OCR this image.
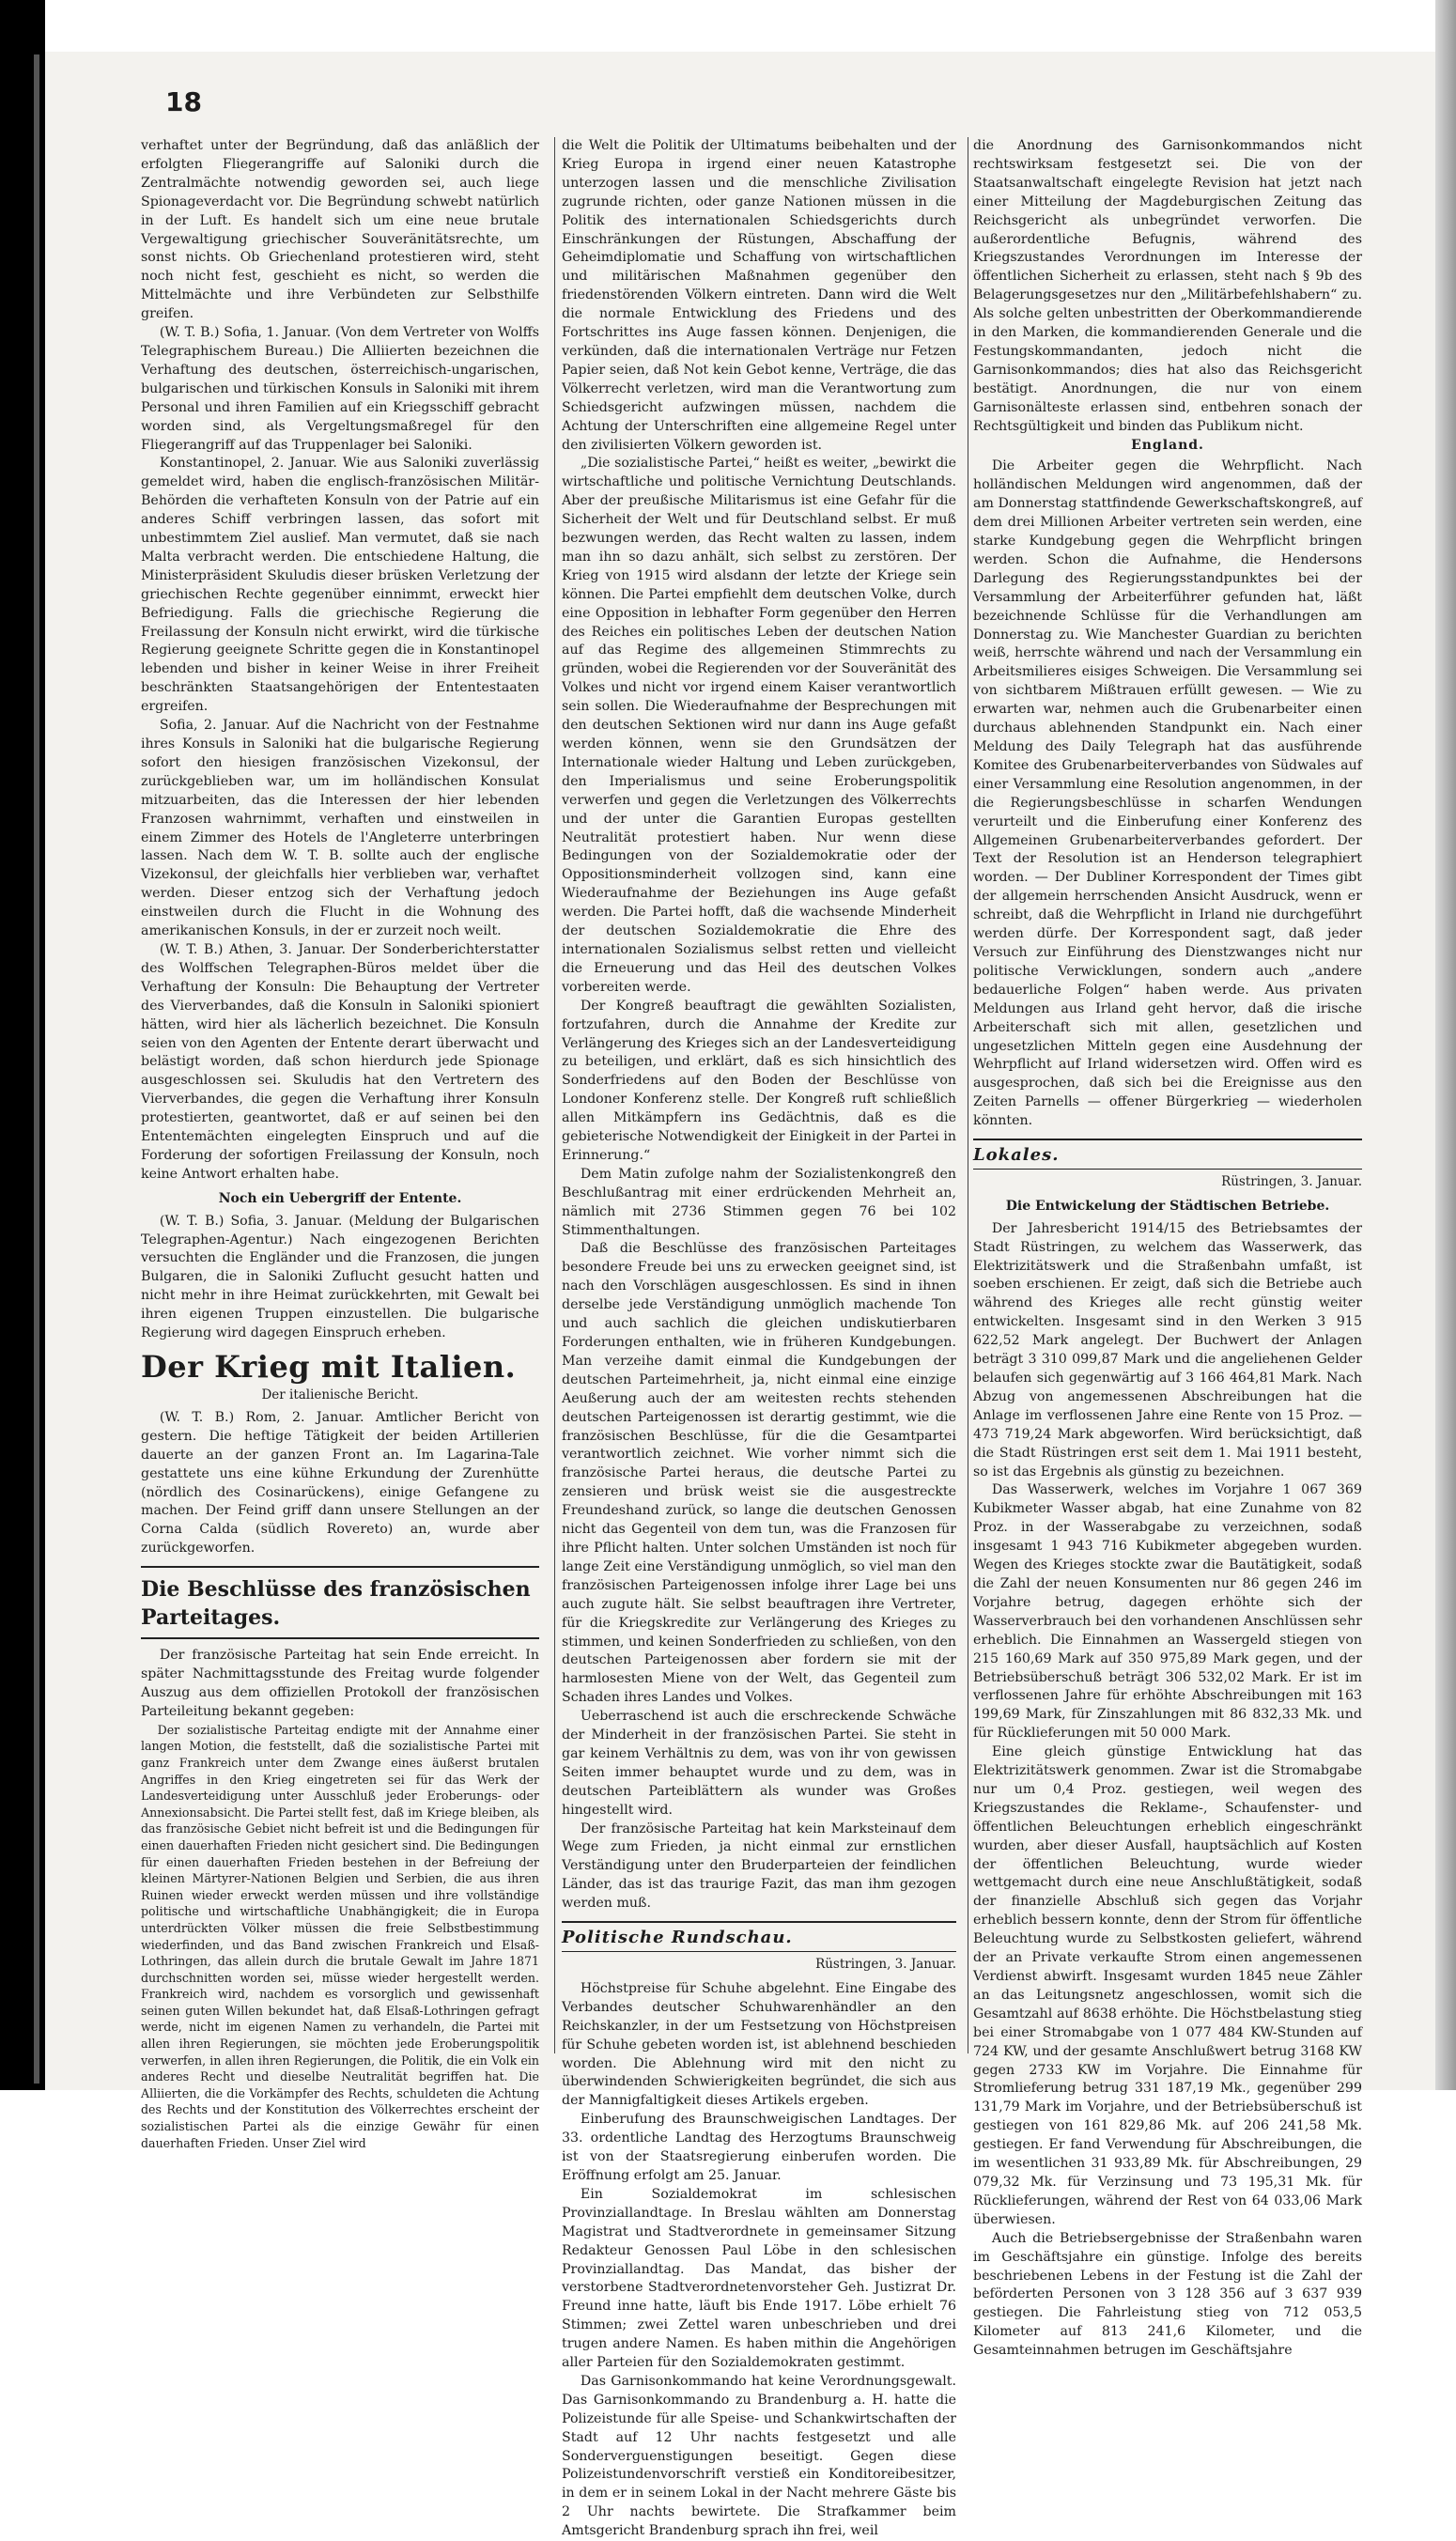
18

verhaftet unter der Begründung, daß das anläßlich der erfolgten Fliegerangriffe auf Saloniki durch die Zentralmächte notwendig geworden sei, auch liege Spionageverdacht vor. Die Begründung schwebt natürlich in der Luft. Es handelt sich um eine neue brutale Vergewaltigung griechischer Souveränitätsrechte, um sonst nichts. Ob Griechenland protestieren wird, steht noch nicht fest, geschieht es nicht, so werden die Mittelmächte und ihre Verbündeten zur Selbsthilfe greifen.

(W. T. B.) Sofia, 1. Januar. (Von dem Vertreter von Wolffs Telegraphischem Bureau.) Die Alliierten bezeichnen die Verhaftung des deutschen, österreichisch-ungarischen, bulgarischen und türkischen Konsuls in Saloniki mit ihrem Personal und ihren Familien auf ein Kriegsschiff gebracht worden sind, als Vergeltungsmaßregel für den Fliegerangriff auf das Truppenlager bei Saloniki.

Konstantinopel, 2. Januar. Wie aus Saloniki zuverlässig gemeldet wird, haben die englisch-französischen Militär-Behörden die verhafteten Konsuln von der Patrie auf ein anderes Schiff verbringen lassen, das sofort mit unbestimmtem Ziel auslief. Man vermutet, daß sie nach Malta verbracht werden. Die entschiedene Haltung, die Ministerpräsident Skuludis dieser brüsken Verletzung der griechischen Rechte gegenüber einnimmt, erweckt hier Befriedigung. Falls die griechische Regierung die Freilassung der Konsuln nicht erwirkt, wird die türkische Regierung geeignete Schritte gegen die in Konstantinopel lebenden und bisher in keiner Weise in ihrer Freiheit beschränkten Staatsangehörigen der Ententestaaten ergreifen.

Sofia, 2. Januar. Auf die Nachricht von der Festnahme ihres Konsuls in Saloniki hat die bulgarische Regierung sofort den hiesigen französischen Vizekonsul, der zurückgeblieben war, um im holländischen Konsulat mitzuarbeiten, das die Interessen der hier lebenden Franzosen wahrnimmt, verhaften und einstweilen in einem Zimmer des Hotels de l'Angleterre unterbringen lassen. Nach dem W. T. B. sollte auch der englische Vizekonsul, der gleichfalls hier verblieben war, verhaftet werden. Dieser entzog sich der Verhaftung jedoch einstweilen durch die Flucht in die Wohnung des amerikanischen Konsuls, in der er zurzeit noch weilt.

(W. T. B.) Athen, 3. Januar. Der Sonderberichterstatter des Wolffschen Telegraphen-Büros meldet über die Verhaftung der Konsuln: Die Behauptung der Vertreter des Vierverbandes, daß die Konsuln in Saloniki spioniert hätten, wird hier als lächerlich bezeichnet. Die Konsuln seien von den Agenten der Entente derart überwacht und belästigt worden, daß schon hierdurch jede Spionage ausgeschlossen sei. Skuludis hat den Vertretern des Vierverbandes, die gegen die Verhaftung ihrer Konsuln protestierten, geantwortet, daß er auf seinen bei den Ententemächten eingelegten Einspruch und auf die Forderung der sofortigen Freilassung der Konsuln, noch keine Antwort erhalten habe.

Noch ein Uebergriff der Entente.

(W. T. B.) Sofia, 3. Januar. (Meldung der Bulgarischen Telegraphen-Agentur.) Nach eingezogenen Berichten versuchten die Engländer und die Franzosen, die jungen Bulgaren, die in Saloniki Zuflucht gesucht hatten und nicht mehr in ihre Heimat zurückkehrten, mit Gewalt bei ihren eigenen Truppen einzustellen. Die bulgarische Regierung wird dagegen Einspruch erheben.

Der Krieg mit Italien.
Der italienische Bericht.

(W. T. B.) Rom, 2. Januar. Amtlicher Bericht von gestern. Die heftige Tätigkeit der beiden Artillerien dauerte an der ganzen Front an. Im Lagarina-Tale gestattete uns eine kühne Erkundung der Zurenhütte (nördlich des Cosinarückens), einige Gefangene zu machen. Der Feind griff dann unsere Stellungen an der Corna Calda (südlich Rovereto) an, wurde aber zurückgeworfen.

Die Beschlüsse des französischen Parteitages.

Der französische Parteitag hat sein Ende erreicht. In später Nachmittagsstunde des Freitag wurde folgender Auszug aus dem offiziellen Protokoll der französischen Parteileitung bekannt gegeben:

Der sozialistische Parteitag endigte mit der Annahme einer langen Motion, die feststellt, daß die sozialistische Partei mit ganz Frankreich unter dem Zwange eines äußerst brutalen Angriffes in den Krieg eingetreten sei für das Werk der Landesverteidigung unter Ausschluß jeder Eroberungs- oder Annexionsabsicht. Die Partei stellt fest, daß im Kriege bleiben, als das französische Gebiet nicht befreit ist und die Bedingungen für einen dauerhaften Frieden nicht gesichert sind. Die Bedingungen für einen dauerhaften Frieden bestehen in der Befreiung der kleinen Märtyrer-Nationen Belgien und Serbien, die aus ihren Ruinen wieder erweckt werden müssen und ihre vollständige politische und wirtschaftliche Unabhängigkeit; die in Europa unterdrückten Völker müssen die freie Selbstbestimmung wiederfinden, und das Band zwischen Frankreich und Elsaß-Lothringen, das allein durch die brutale Gewalt im Jahre 1871 durchschnitten worden sei, müsse wieder hergestellt werden. Frankreich wird, nachdem es vorsorglich und gewissenhaft seinen guten Willen bekundet hat, daß Elsaß-Lothringen gefragt werde, nicht im eigenen Namen zu verhandeln, die Partei mit allen ihren Regierungen, sie möchten jede Eroberungspolitik verwerfen, in allen ihren Regierungen, die Politik, die ein Volk ein anderes Recht und dieselbe Neutralität begriffen hat. Die Alliierten, die die Vorkämpfer des Rechts, schuldeten die Achtung des Rechts und der Konstitution des Völkerrechtes erscheint der sozialistischen Partei als die einzige Gewähr für einen dauerhaften Frieden. Unser Ziel wird

die Welt die Politik der Ultimatums beibehalten und der Krieg Europa in irgend einer neuen Katastrophe unterzogen lassen und die menschliche Zivilisation zugrunde richten, oder ganze Nationen müssen in die Politik des internationalen Schiedsgerichts durch Einschränkungen der Rüstungen, Abschaffung der Geheimdiplomatie und Schaffung von wirtschaftlichen und militärischen Maßnahmen gegenüber den friedenstörenden Völkern eintreten. Dann wird die Welt die normale Entwicklung des Friedens und des Fortschrittes ins Auge fassen können. Denjenigen, die verkünden, daß die internationalen Verträge nur Fetzen Papier seien, daß Not kein Gebot kenne, Verträge, die das Völkerrecht verletzen, wird man die Verantwortung zum Schiedsgericht aufzwingen müssen, nachdem die Achtung der Unterschriften eine allgemeine Regel unter den zivilisierten Völkern geworden ist.

„Die sozialistische Partei,“ heißt es weiter, „bewirkt die wirtschaftliche und politische Vernichtung Deutschlands. Aber der preußische Militarismus ist eine Gefahr für die Sicherheit der Welt und für Deutschland selbst. Er muß bezwungen werden, das Recht walten zu lassen, indem man ihn so dazu anhält, sich selbst zu zerstören. Der Krieg von 1915 wird alsdann der letzte der Kriege sein können. Die Partei empfiehlt dem deutschen Volke, durch eine Opposition in lebhafter Form gegenüber den Herren des Reiches ein politisches Leben der deutschen Nation auf das Regime des allgemeinen Stimmrechts zu gründen, wobei die Regierenden vor der Souveränität des Volkes und nicht vor irgend einem Kaiser verantwortlich sein sollen. Die Wiederaufnahme der Besprechungen mit den deutschen Sektionen wird nur dann ins Auge gefaßt werden können, wenn sie den Grundsätzen der Internationale wieder Haltung und Leben zurückgeben, den Imperialismus und seine Eroberungspolitik verwerfen und gegen die Verletzungen des Völkerrechts und der unter die Garantien Europas gestellten Neutralität protestiert haben. Nur wenn diese Bedingungen von der Sozialdemokratie oder der Oppositionsminderheit vollzogen sind, kann eine Wiederaufnahme der Beziehungen ins Auge gefaßt werden. Die Partei hofft, daß die wachsende Minderheit der deutschen Sozialdemokratie die Ehre des internationalen Sozialismus selbst retten und vielleicht die Erneuerung und das Heil des deutschen Volkes vorbereiten werde.

Der Kongreß beauftragt die gewählten Sozialisten, fortzufahren, durch die Annahme der Kredite zur Verlängerung des Krieges sich an der Landesverteidigung zu beteiligen, und erklärt, daß es sich hinsichtlich des Sonderfriedens auf den Boden der Beschlüsse von Londoner Konferenz stelle. Der Kongreß ruft schließlich allen Mitkämpfern ins Gedächtnis, daß es die gebieterische Notwendigkeit der Einigkeit in der Partei in Erinnerung.“

Dem Matin zufolge nahm der Sozialistenkongreß den Beschlußantrag mit einer erdrückenden Mehrheit an, nämlich mit 2736 Stimmen gegen 76 bei 102 Stimmenthaltungen.

Daß die Beschlüsse des französischen Parteitages besondere Freude bei uns zu erwecken geeignet sind, ist nach den Vorschlägen ausgeschlossen. Es sind in ihnen derselbe jede Verständigung unmöglich machende Ton und auch sachlich die gleichen undiskutierbaren Forderungen enthalten, wie in früheren Kundgebungen. Man verzeihe damit einmal die Kundgebungen der deutschen Parteimehrheit, ja, nicht einmal eine einzige Aeußerung auch der am weitesten rechts stehenden deutschen Parteigenossen ist derartig gestimmt, wie die französischen Beschlüsse, für die die Gesamtpartei verantwortlich zeichnet. Wie vorher nimmt sich die französische Partei heraus, die deutsche Partei zu zensieren und brüsk weist sie die ausgestreckte Freundeshand zurück, so lange die deutschen Genossen nicht das Gegenteil von dem tun, was die Franzosen für ihre Pflicht halten. Unter solchen Umständen ist noch für lange Zeit eine Verständigung unmöglich, so viel man den französischen Parteigenossen infolge ihrer Lage bei uns auch zugute hält. Sie selbst beauftragen ihre Vertreter, für die Kriegskredite zur Verlängerung des Krieges zu stimmen, und keinen Sonderfrieden zu schließen, von den deutschen Parteigenossen aber fordern sie mit der harmlosesten Miene von der Welt, das Gegenteil zum Schaden ihres Landes und Volkes.

Ueberraschend ist auch die erschreckende Schwäche der Minderheit in der französischen Partei. Sie steht in gar keinem Verhältnis zu dem, was von ihr von gewissen Seiten immer behauptet wurde und zu dem, was in deutschen Parteiblättern als wunder was Großes hingestellt wird.

Der französische Parteitag hat kein Marksteinauf dem Wege zum Frieden, ja nicht einmal zur ernstlichen Verständigung unter den Bruderparteien der feindlichen Länder, das ist das traurige Fazit, das man ihm gezogen werden muß.

Politische Rundschau.
Rüstringen, 3. Januar.

Höchstpreise für Schuhe abgelehnt. Eine Eingabe des Verbandes deutscher Schuhwarenhändler an den Reichskanzler, in der um Festsetzung von Höchstpreisen für Schuhe gebeten worden ist, ist ablehnend beschieden worden. Die Ablehnung wird mit den nicht zu überwindenden Schwierigkeiten begründet, die sich aus der Mannigfaltigkeit dieses Artikels ergeben.

Einberufung des Braunschweigischen Landtages. Der 33. ordentliche Landtag des Herzogtums Braunschweig ist von der Staatsregierung einberufen worden. Die Eröffnung erfolgt am 25. Januar.

Ein Sozialdemokrat im schlesischen Provinziallandtage. In Breslau wählten am Donnerstag Magistrat und Stadtverordnete in gemeinsamer Sitzung Redakteur Genossen Paul Löbe in den schlesischen Provinziallandtag. Das Mandat, das bisher der verstorbene Stadtverordnetenvorsteher Geh. Justizrat Dr. Freund inne hatte, läuft bis Ende 1917. Löbe erhielt 76 Stimmen; zwei Zettel waren unbeschrieben und drei trugen andere Namen. Es haben mithin die Angehörigen aller Parteien für den Sozialdemokraten gestimmt.

Das Garnisonkommando hat keine Verordnungsgewalt. Das Garnisonkommando zu Brandenburg a. H. hatte die Polizeistunde für alle Speise- und Schankwirtschaften der Stadt auf 12 Uhr nachts festgesetzt und alle Sonderverguenstigungen beseitigt. Gegen diese Polizeistundenvorschrift verstieß ein Konditoreibesitzer, in dem er in seinem Lokal in der Nacht mehrere Gäste bis 2 Uhr nachts bewirtete. Die Strafkammer beim Amtsgericht Brandenburg sprach ihn frei, weil

die Anordnung des Garnisonkommandos nicht rechtswirksam festgesetzt sei. Die von der Staatsanwaltschaft eingelegte Revision hat jetzt nach einer Mitteilung der Magdeburgischen Zeitung das Reichsgericht als unbegründet verworfen. Die außerordentliche Befugnis, während des Kriegszustandes Verordnungen im Interesse der öffentlichen Sicherheit zu erlassen, steht nach § 9b des Belagerungsgesetzes nur den „Militärbefehlshabern“ zu. Als solche gelten unbestritten der Oberkommandierende in den Marken, die kommandierenden Generale und die Festungskommandanten, jedoch nicht die Garnisonkommandos; dies hat also das Reichsgericht bestätigt. Anordnungen, die nur von einem Garnisonälteste erlassen sind, entbehren sonach der Rechtsgültigkeit und binden das Publikum nicht.

England.

Die Arbeiter gegen die Wehrpflicht. Nach holländischen Meldungen wird angenommen, daß der am Donnerstag stattfindende Gewerkschaftskongreß, auf dem drei Millionen Arbeiter vertreten sein werden, eine starke Kundgebung gegen die Wehrpflicht bringen werden. Schon die Aufnahme, die Hendersons Darlegung des Regierungsstandpunktes bei der Versammlung der Arbeiterführer gefunden hat, läßt bezeichnende Schlüsse für die Verhandlungen am Donnerstag zu. Wie Manchester Guardian zu berichten weiß, herrschte während und nach der Versammlung ein Arbeitsmilieres eisiges Schweigen. Die Versammlung sei von sichtbarem Mißtrauen erfüllt gewesen. — Wie zu erwarten war, nehmen auch die Grubenarbeiter einen durchaus ablehnenden Standpunkt ein. Nach einer Meldung des Daily Telegraph hat das ausführende Komitee des Grubenarbeiterverbandes von Südwales auf einer Versammlung eine Resolution angenommen, in der die Regierungsbeschlüsse in scharfen Wendungen verurteilt und die Einberufung einer Konferenz des Allgemeinen Grubenarbeiterverbandes gefordert. Der Text der Resolution ist an Henderson telegraphiert worden. — Der Dubliner Korrespondent der Times gibt der allgemein herrschenden Ansicht Ausdruck, wenn er schreibt, daß die Wehrpflicht in Irland nie durchgeführt werden dürfe. Der Korrespondent sagt, daß jeder Versuch zur Einführung des Dienstzwanges nicht nur politische Verwicklungen, sondern auch „andere bedauerliche Folgen“ haben werde. Aus privaten Meldungen aus Irland geht hervor, daß die irische Arbeiterschaft sich mit allen, gesetzlichen und ungesetzlichen Mitteln gegen eine Ausdehnung der Wehrpflicht auf Irland widersetzen wird. Offen wird es ausgesprochen, daß sich bei die Ereignisse aus den Zeiten Parnells — offener Bürgerkrieg — wiederholen könnten.

Lokales.
Rüstringen, 3. Januar.
Die Entwickelung der Städtischen Betriebe.

Der Jahresbericht 1914/15 des Betriebsamtes der Stadt Rüstringen, zu welchem das Wasserwerk, das Elektrizitätswerk und die Straßenbahn umfaßt, ist soeben erschienen. Er zeigt, daß sich die Betriebe auch während des Krieges alle recht günstig weiter entwickelten. Insgesamt sind in den Werken 3 915 622,52 Mark angelegt. Der Buchwert der Anlagen beträgt 3 310 099,87 Mark und die angeliehenen Gelder belaufen sich gegenwärtig auf 3 166 464,81 Mark. Nach Abzug von angemessenen Abschreibungen hat die Anlage im verflossenen Jahre eine Rente von 15 Proz. — 473 719,24 Mark abgeworfen. Wird berücksichtigt, daß die Stadt Rüstringen erst seit dem 1. Mai 1911 besteht, so ist das Ergebnis als günstig zu bezeichnen.

Das Wasserwerk, welches im Vorjahre 1 067 369 Kubikmeter Wasser abgab, hat eine Zunahme von 82 Proz. in der Wasserabgabe zu verzeichnen, sodaß insgesamt 1 943 716 Kubikmeter abgegeben wurden. Wegen des Krieges stockte zwar die Bautätigkeit, sodaß die Zahl der neuen Konsumenten nur 86 gegen 246 im Vorjahre betrug, dagegen erhöhte sich der Wasserverbrauch bei den vorhandenen Anschlüssen sehr erheblich. Die Einnahmen an Wassergeld stiegen von 215 160,69 Mark auf 350 975,89 Mark gegen, und der Betriebsüberschuß beträgt 306 532,02 Mark. Er ist im verflossenen Jahre für erhöhte Abschreibungen mit 163 199,69 Mark, für Zinszahlungen mit 86 832,33 Mk. und für Rücklieferungen mit 50 000 Mark.

Eine gleich günstige Entwicklung hat das Elektrizitätswerk genommen. Zwar ist die Stromabgabe nur um 0,4 Proz. gestiegen, weil wegen des Kriegszustandes die Reklame-, Schaufenster- und öffentlichen Beleuchtungen erheblich eingeschränkt wurden, aber dieser Ausfall, hauptsächlich auf Kosten der öffentlichen Beleuchtung, wurde wieder wettgemacht durch eine neue Anschlußtätigkeit, sodaß der finanzielle Abschluß sich gegen das Vorjahr erheblich bessern konnte, denn der Strom für öffentliche Beleuchtung wurde zu Selbstkosten geliefert, während der an Private verkaufte Strom einen angemessenen Verdienst abwirft. Insgesamt wurden 1845 neue Zähler an das Leitungsnetz angeschlossen, womit sich die Gesamtzahl auf 8638 erhöhte. Die Höchstbelastung stieg bei einer Stromabgabe von 1 077 484 KW-Stunden auf 724 KW, und der gesamte Anschlußwert betrug 3168 KW gegen 2733 KW im Vorjahre. Die Einnahme für Stromlieferung betrug 331 187,19 Mk., gegenüber 299 131,79 Mark im Vorjahre, und der Betriebsüberschuß ist gestiegen von 161 829,86 Mk. auf 206 241,58 Mk. gestiegen. Er fand Verwendung für Abschreibungen, die im wesentlichen 31 933,89 Mk. für Abschreibungen, 29 079,32 Mk. für Verzinsung und 73 195,31 Mk. für Rücklieferungen, während der Rest von 64 033,06 Mark überwiesen.

Auch die Betriebsergebnisse der Straßenbahn waren im Geschäftsjahre ein günstige. Infolge des bereits beschriebenen Lebens in der Festung ist die Zahl der beförderten Personen von 3 128 356 auf 3 637 939 gestiegen. Die Fahrleistung stieg von 712 053,5 Kilometer auf 813 241,6 Kilometer, und die Gesamteinnahmen betrugen im Geschäftsjahre
